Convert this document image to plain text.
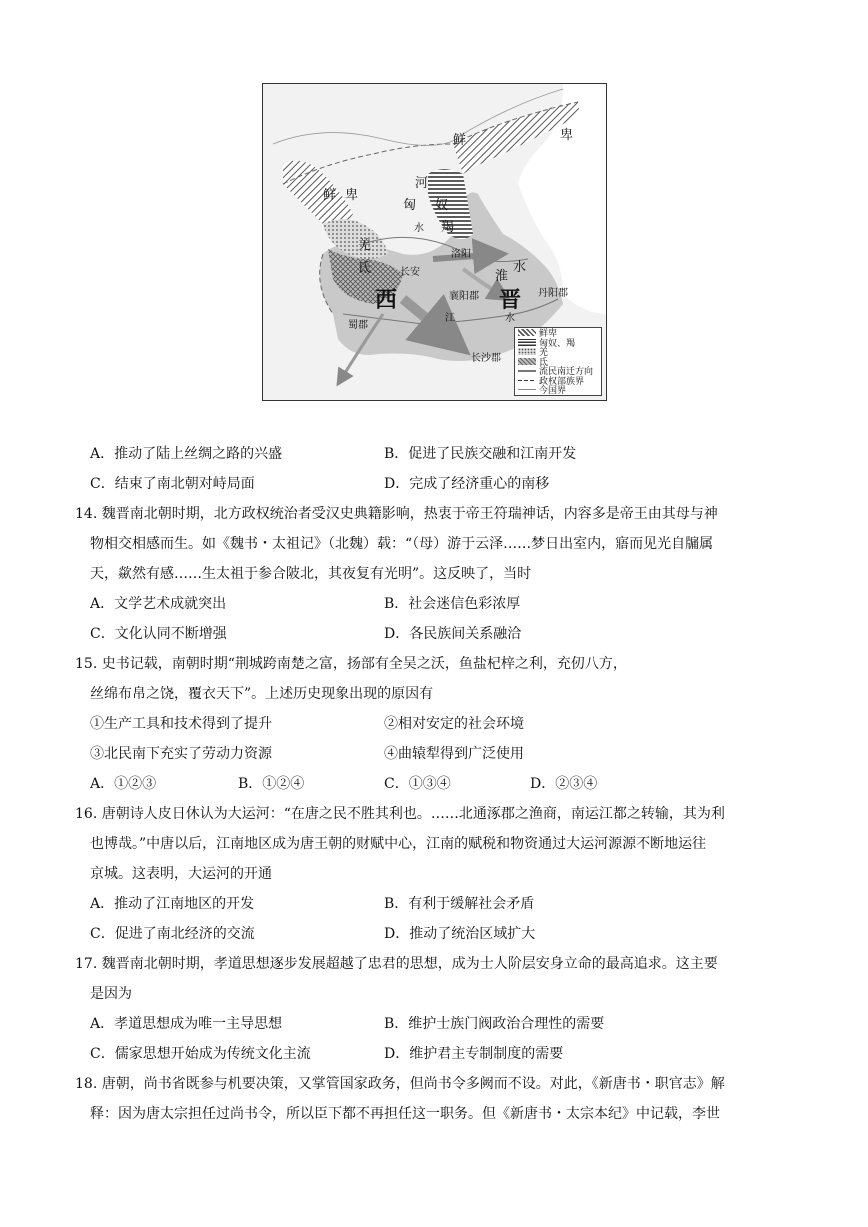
鲜	卑
鲜 卑
河
匈 奴
羯
水
羌
氐	长安
洛阳
淮
水
丹阳郡
西	晋
襄阳郡
江	水
蜀郡
长沙郡
鲜卑
匈奴、羯
羌
氐
流民南迁方向
政权部族界
今国界
A．推动了陆上丝绸之路的兴盛	B．促进了民族交融和江南开发
C．结束了南北朝对峙局面	D．完成了经济重心的南移
14. 魏晋南北朝时期，北方政权统治者受汉史典籍影响，热衷于帝王符瑞神话，内容多是帝王由其母与神
物相交相感而生。如《魏书・太祖记》（北魏）载：“（母）游于云泽……梦日出室内，寤而见光自牖属
天，歘然有感……生太祖于参合陂北，其夜复有光明”。这反映了，当时
A．文学艺术成就突出	B．社会迷信色彩浓厚
C．文化认同不断增强	D．各民族间关系融洽
15. 史书记载，南朝时期“荆城跨南楚之富，扬部有全吴之沃，鱼盐杞梓之利，充仞八方，
丝绵布帛之饶，覆衣天下”。上述历史现象出现的原因有
①生产工具和技术得到了提升	②相对安定的社会环境
③北民南下充实了劳动力资源	④曲辕犁得到广泛使用
A．①②③	B．①②④	C．①③④	D．②③④
16. 唐朝诗人皮日休认为大运河：“在唐之民不胜其利也。……北通涿郡之渔商，南运江都之转输，其为利
也博哉。”中唐以后，江南地区成为唐王朝的财赋中心，江南的赋税和物资通过大运河源源不断地运往
京城。这表明，大运河的开通
A．推动了江南地区的开发	B．有利于缓解社会矛盾
C．促进了南北经济的交流	D．推动了统治区域扩大
17. 魏晋南北朝时期，孝道思想逐步发展超越了忠君的思想，成为士人阶层安身立命的最高追求。这主要
是因为
A．孝道思想成为唯一主导思想	B．维护士族门阀政治合理性的需要
C．儒家思想开始成为传统文化主流	D．维护君主专制制度的需要
18. 唐朝，尚书省既参与机要决策，又掌管国家政务，但尚书令多阙而不设。对此，《新唐书・职官志》解
释：因为唐太宗担任过尚书令，所以臣下都不再担任这一职务。但《新唐书・太宗本纪》中记载，李世
